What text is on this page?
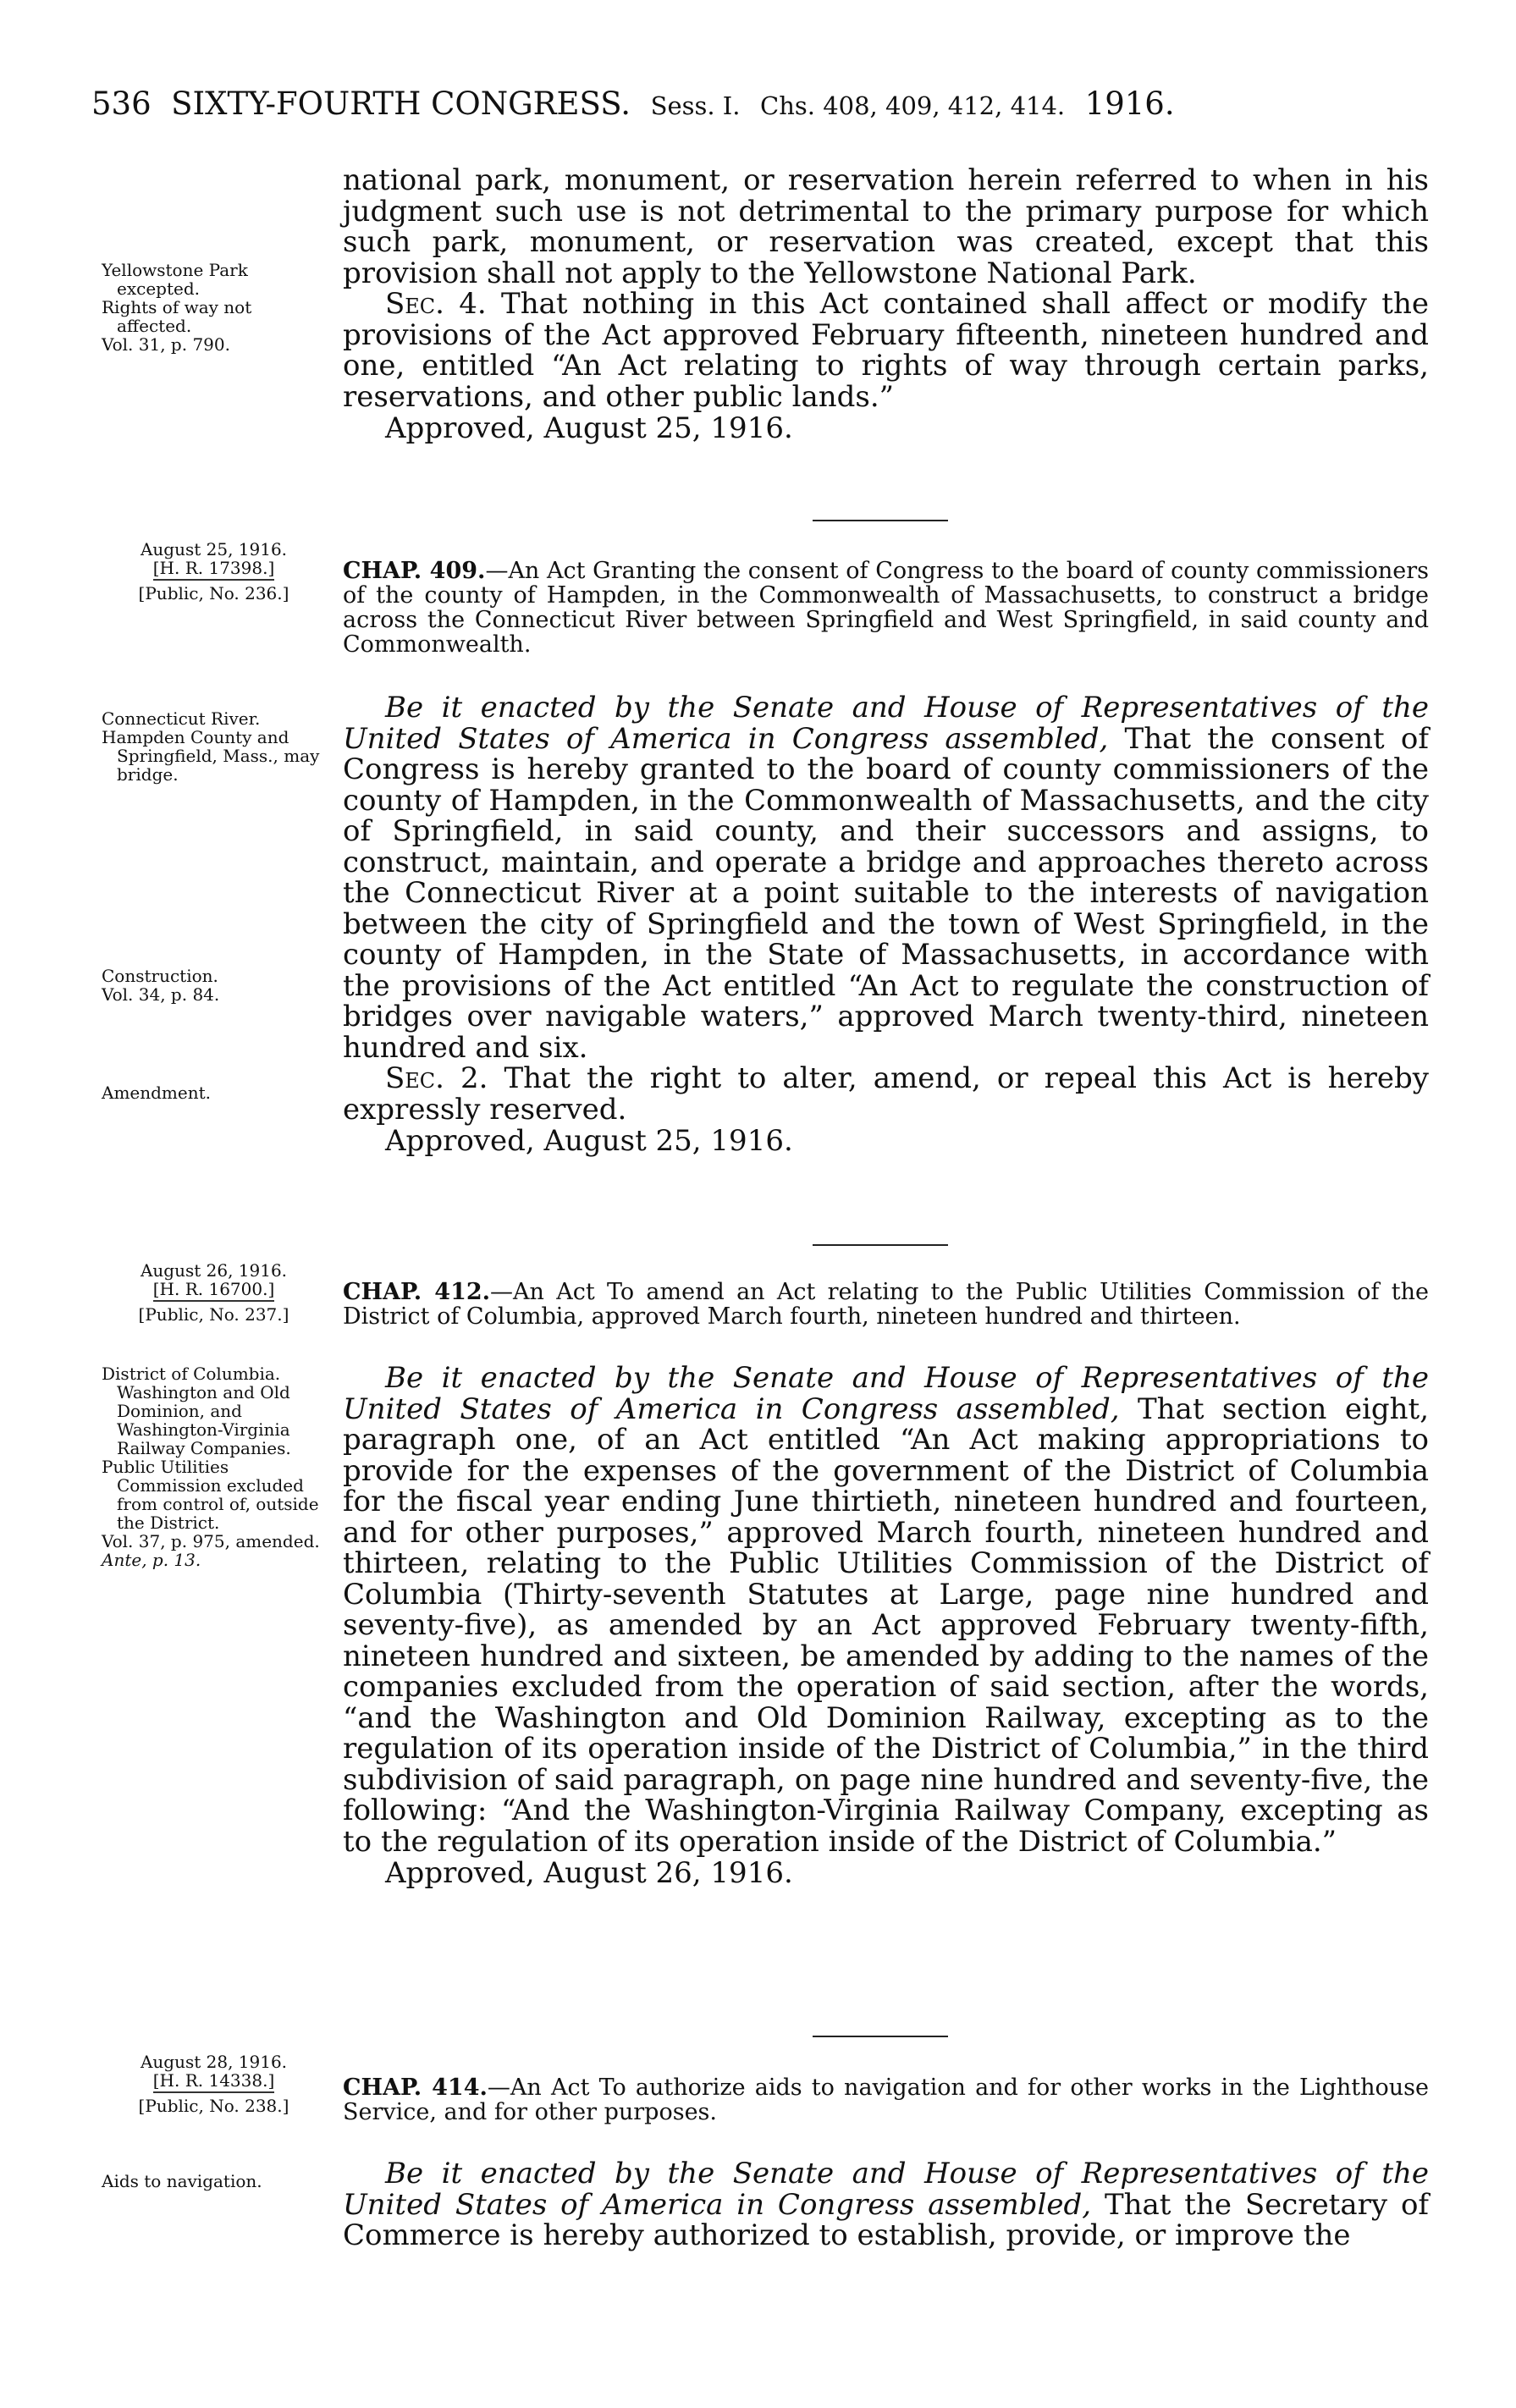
536 SIXTY-FOURTH CONGRESS. Sess. I. Chs. 408, 409, 412, 414. 1916.

Yellowstone Park excepted.

Rights of way not affected.

Vol. 31, p. 790.

national park, monument, or reservation herein referred to when in his judgment such use is not detrimental to the primary purpose for which such park, monument, or reservation was created, except that this provision shall not apply to the Yellowstone National Park.

Sec. 4. That nothing in this Act contained shall affect or modify the provisions of the Act approved February fifteenth, nineteen hundred and one, entitled “An Act relating to rights of way through certain parks, reservations, and other public lands.”

Approved, August 25, 1916.

August 25, 1916.

[H. R. 17398.]

[Public, No. 236.]

CHAP. 409.—An Act Granting the consent of Congress to the board of county commissioners of the county of Hampden, in the Commonwealth of Massachusetts, to construct a bridge across the Connecticut River between Springfield and West Springfield, in said county and Commonwealth.

Connecticut River.

Hampden County and Springfield, Mass., may bridge.

Construction.

Vol. 34, p. 84.

Amendment.

Be it enacted by the Senate and House of Representatives of the United States of America in Congress assembled, That the consent of Congress is hereby granted to the board of county commissioners of the county of Hampden, in the Commonwealth of Massachusetts, and the city of Springfield, in said county, and their successors and assigns, to construct, maintain, and operate a bridge and approaches thereto across the Connecticut River at a point suitable to the interests of navigation between the city of Springfield and the town of West Springfield, in the county of Hampden, in the State of Massachusetts, in accordance with the provisions of the Act entitled “An Act to regulate the construction of bridges over navigable waters,” approved March twenty-third, nineteen hundred and six.

Sec. 2. That the right to alter, amend, or repeal this Act is hereby expressly reserved.

Approved, August 25, 1916.

August 26, 1916.

[H. R. 16700.]

[Public, No. 237.]

CHAP. 412.—An Act To amend an Act relating to the Public Utilities Commission of the District of Columbia, approved March fourth, nineteen hundred and thirteen.

District of Columbia. Washington and Old Dominion, and Washington-Virginia Railway Companies.

Public Utilities Commission excluded from control of, outside the District.

Vol. 37, p. 975, amended.

Ante, p. 13.

Be it enacted by the Senate and House of Representatives of the United States of America in Congress assembled, That section eight, paragraph one, of an Act entitled “An Act making appropriations to provide for the expenses of the government of the District of Columbia for the fiscal year ending June thirtieth, nineteen hundred and fourteen, and for other purposes,” approved March fourth, nineteen hundred and thirteen, relating to the Public Utilities Commission of the District of Columbia (Thirty-seventh Statutes at Large, page nine hundred and seventy-five), as amended by an Act approved February twenty-fifth, nineteen hundred and sixteen, be amended by adding to the names of the companies excluded from the operation of said section, after the words, “and the Washington and Old Dominion Railway, excepting as to the regulation of its operation inside of the District of Columbia,” in the third subdivision of said paragraph, on page nine hundred and seventy-five, the following: “And the Washington-Virginia Railway Company, excepting as to the regulation of its operation inside of the District of Columbia.”

Approved, August 26, 1916.

August 28, 1916.

[H. R. 14338.]

[Public, No. 238.]

CHAP. 414.—An Act To authorize aids to navigation and for other works in the Lighthouse Service, and for other purposes.

Aids to navigation.	Be it enacted by the Senate and House of Representatives of the United States of America in Congress assembled, That the Secretary of Commerce is hereby authorized to establish, provide, or improve the
